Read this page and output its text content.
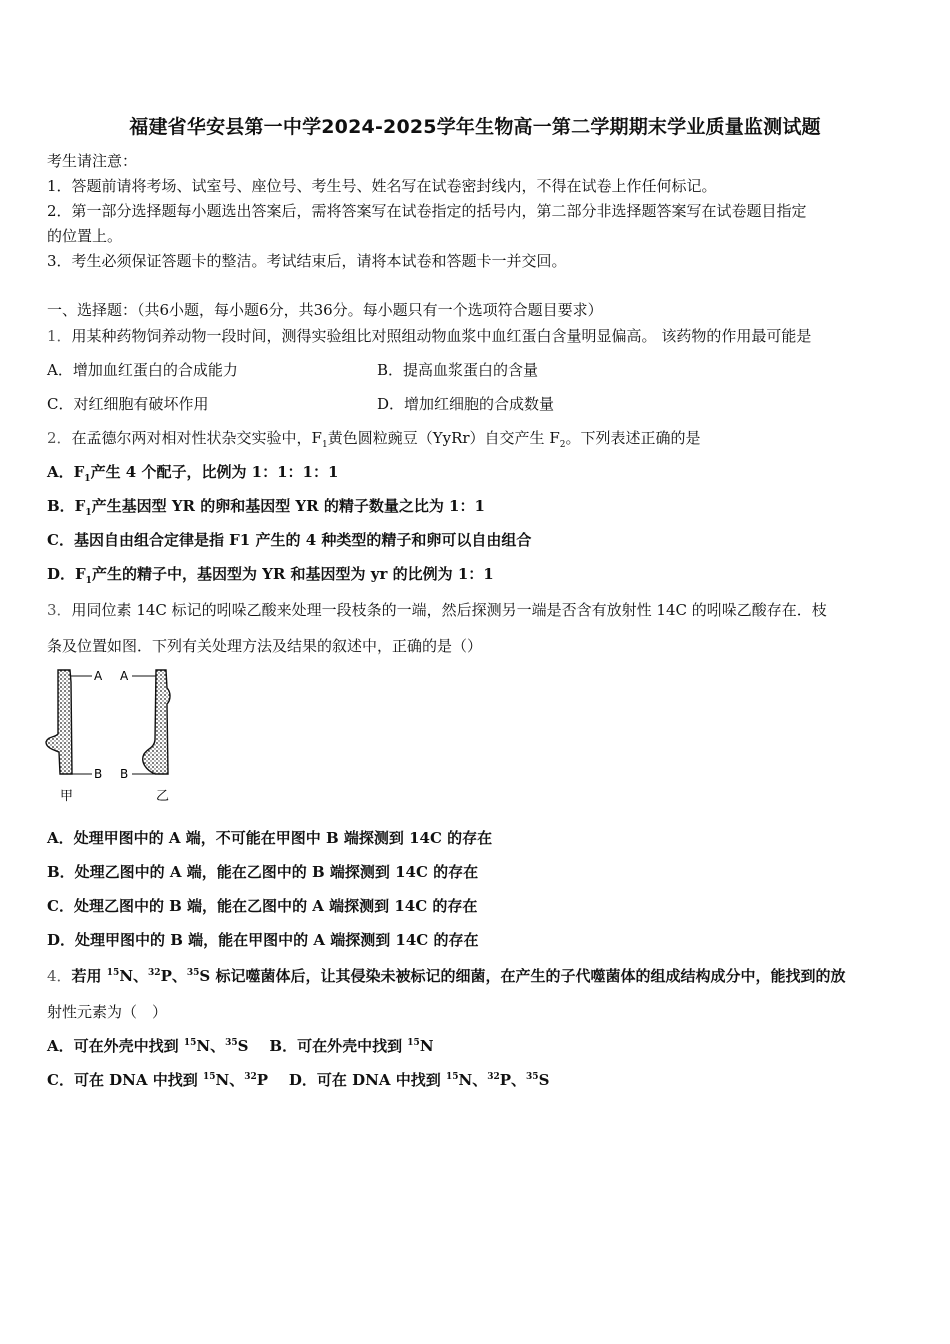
福建省华安县第一中学2024-2025学年生物高一第二学期期末学业质量监测试题
考生请注意：
1．答题前请将考场、试室号、座位号、考生号、姓名写在试卷密封线内，不得在试卷上作任何标记。
2．第一部分选择题每小题选出答案后，需将答案写在试卷指定的括号内，第二部分非选择题答案写在试卷题目指定
的位置上。
3．考生必须保证答题卡的整洁。考试结束后，请将本试卷和答题卡一并交回。
一、选择题：（共6小题，每小题6分，共36分。每小题只有一个选项符合题目要求）
1．用某种药物饲养动物一段时间，测得实验组比对照组动物血浆中血红蛋白含量明显偏高。 该药物的作用最可能是
A．增加血红蛋白的合成能力	B．提高血浆蛋白的含量
C．对红细胞有破坏作用	D．增加红细胞的合成数量
2．在孟德尔两对相对性状杂交实验中，$F_1$黄色圆粒豌豆（YyRr）自交产生 $F_2$。下列表述正确的是
A．$F_1$产生 4 个配子，比例为 1：1：1：1
B．$F_1$产生基因型 YR 的卵和基因型 YR 的精子数量之比为 1：1
C．基因自由组合定律是指 F1 产生的 4 种类型的精子和卵可以自由组合
D．$F_1$产生的精子中，基因型为 YR 和基因型为 yr 的比例为 1：1
3．用同位素 14C 标记的吲哚乙酸来处理一段枝条的一端，然后探测另一端是否含有放射性 14C 的吲哚乙酸存在．枝
条及位置如图．下列有关处理方法及结果的叙述中，正确的是（）
A
B
甲
A
B
乙
A．处理甲图中的 A 端，不可能在甲图中 B 端探测到 14C 的存在
B．处理乙图中的 A 端，能在乙图中的 B 端探测到 14C 的存在
C．处理乙图中的 B 端，能在乙图中的 A 端探测到 14C 的存在
D．处理甲图中的 B 端，能在甲图中的 A 端探测到 14C 的存在
4．若用 $^{15}$N、$^{32}$P、$^{35}$S 标记噬菌体后，让其侵染未被标记的细菌，在产生的子代噬菌体的组成结构成分中，能找到的放
射性元素为（　）
A．可在外壳中找到 $^{15}$N、$^{35}$S B．可在外壳中找到 $^{15}$N
C．可在 DNA 中找到 $^{15}$N、$^{32}$P D．可在 DNA 中找到 $^{15}$N、$^{32}$P、$^{35}$S
